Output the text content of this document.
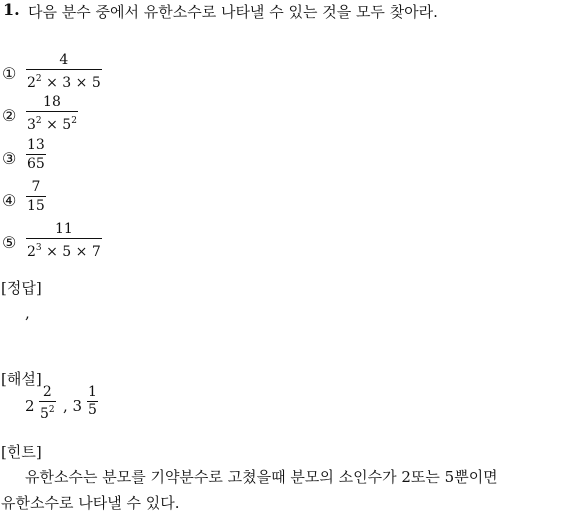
1. 다음 분수 중에서 유한소수로 나타낼 수 있는 것을 모두 찾아라.
① $\frac{4}{2^2 \times 3 \times 5}$
② $\frac{18}{3^2 \times 5^2}$
③ $\frac{13}{65}$
④ $\frac{7}{15}$
⑤ $\frac{11}{2^3 \times 5 \times 7}$
[정답]
,
[해설]
$2 \frac{2}{5^2}$ , $3 \frac{1}{5}$
[힌트]
유한소수는 분모를 기약분수로 고쳤을때 분모의 소인수가 2또는 5뿐이면
유한소수로 나타낼 수 있다.
